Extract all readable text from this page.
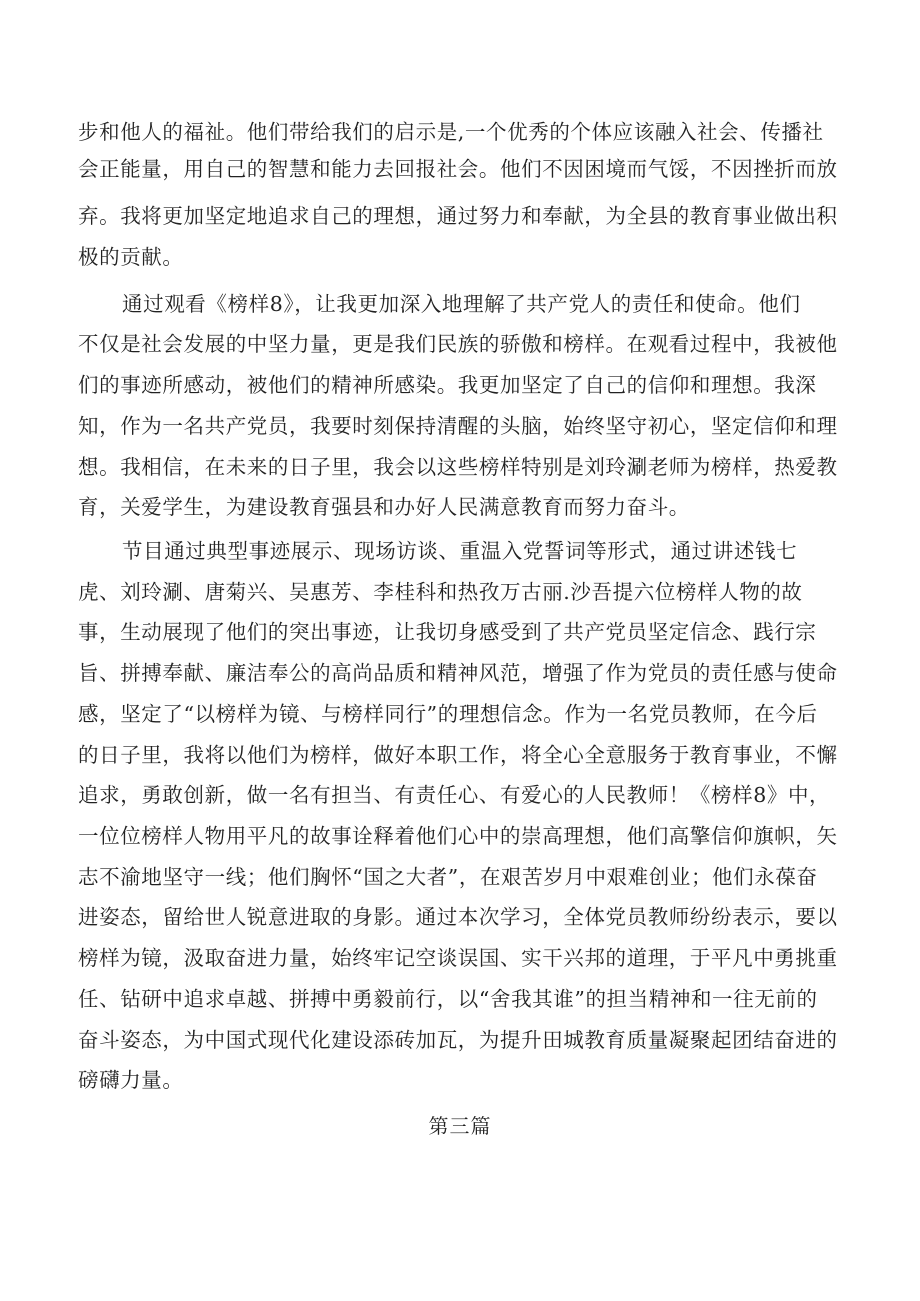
步和他人的福祉。他们带给我们的启示是,一个优秀的个体应该融入社会、传播社
会正能量，用自己的智慧和能力去回报社会。他们不因困境而气馁，不因挫折而放
弃。我将更加坚定地追求自己的理想，通过努力和奉献，为全县的教育事业做出积
极的贡献。
通过观看《榜样8》，让我更加深入地理解了共产党人的责任和使命。他们
不仅是社会发展的中坚力量，更是我们民族的骄傲和榜样。在观看过程中，我被他
们的事迹所感动，被他们的精神所感染。我更加坚定了自己的信仰和理想。我深
知，作为一名共产党员，我要时刻保持清醒的头脑，始终坚守初心，坚定信仰和理
想。我相信，在未来的日子里，我会以这些榜样特别是刘玲涮老师为榜样，热爱教
育，关爱学生，为建设教育强县和办好人民满意教育而努力奋斗。
节目通过典型事迹展示、现场访谈、重温入党誓词等形式，通过讲述钱七
虎、刘玲涮、唐菊兴、吴惠芳、李桂科和热孜万古丽.沙吾提六位榜样人物的故
事，生动展现了他们的突出事迹，让我切身感受到了共产党员坚定信念、践行宗
旨、拼搏奉献、廉洁奉公的高尚品质和精神风范，增强了作为党员的责任感与使命
感，坚定了“以榜样为镜、与榜样同行”的理想信念。作为一名党员教师，在今后
的日子里，我将以他们为榜样，做好本职工作，将全心全意服务于教育事业，不懈
追求，勇敢创新，做一名有担当、有责任心、有爱心的人民教师！《榜样8》中，
一位位榜样人物用平凡的故事诠释着他们心中的崇高理想，他们高擎信仰旗帜，矢
志不渝地坚守一线；他们胸怀“国之大者”，在艰苦岁月中艰难创业；他们永葆奋
进姿态，留给世人锐意进取的身影。通过本次学习，全体党员教师纷纷表示，要以
榜样为镜，汲取奋进力量，始终牢记空谈误国、实干兴邦的道理，于平凡中勇挑重
任、钻研中追求卓越、拼搏中勇毅前行，以“舍我其谁”的担当精神和一往无前的
奋斗姿态，为中国式现代化建设添砖加瓦，为提升田城教育质量凝聚起团结奋进的
磅礴力量。
第三篇
